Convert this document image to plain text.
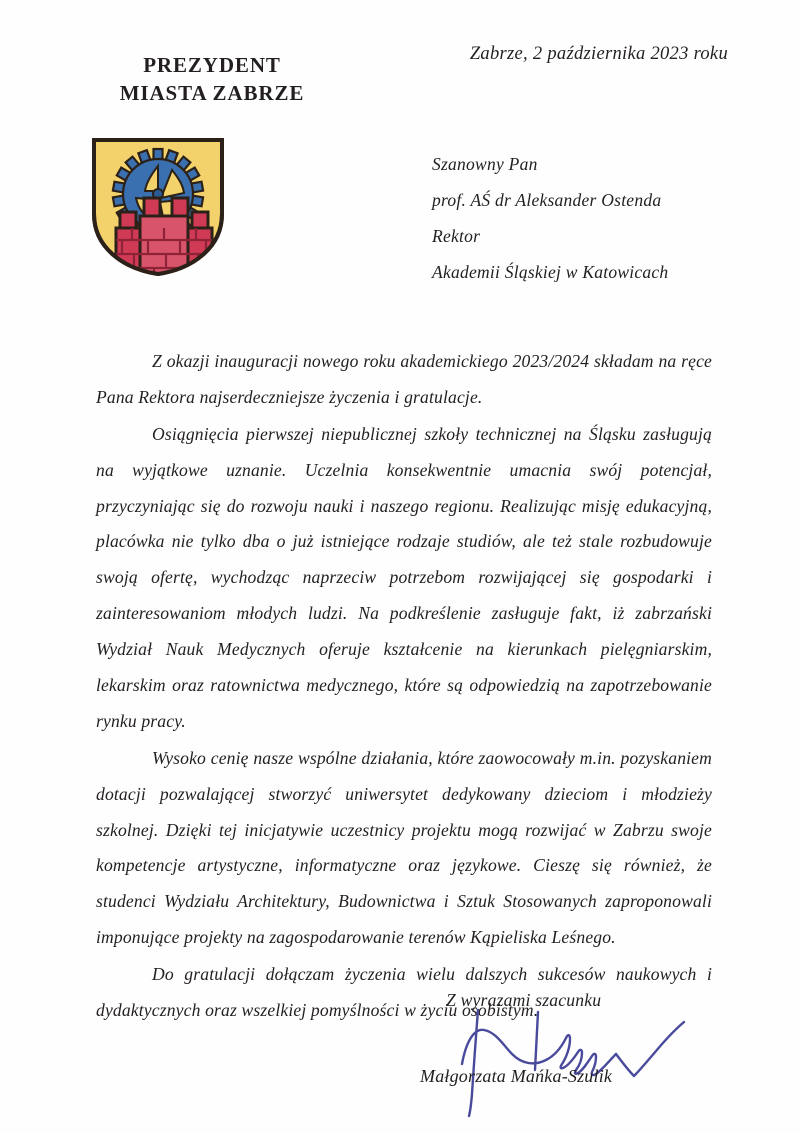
PREZYDENT
MIASTA ZABRZE
Zabrze, 2 października 2023 roku
Szanowny Pan
prof. AŚ dr Aleksander Ostenda
Rektor
Akademii Śląskiej w Katowicach

Z okazji inauguracji nowego roku akademickiego 2023/2024 składam na ręce Pana Rektora najserdeczniejsze życzenia i gratulacje.

Osiągnięcia pierwszej niepublicznej szkoły technicznej na Śląsku zasługują na wyjątkowe uznanie. Uczelnia konsekwentnie umacnia swój potencjał, przyczyniając się do rozwoju nauki i naszego regionu. Realizując misję edukacyjną, placówka nie tylko dba o już istniejące rodzaje studiów, ale też stale rozbudowuje swoją ofertę, wychodząc naprzeciw potrzebom rozwijającej się gospodarki i zainteresowaniom młodych ludzi. Na podkreślenie zasługuje fakt, iż zabrzański Wydział Nauk Medycznych oferuje kształcenie na kierunkach pielęgniarskim, lekarskim oraz ratownictwa medycznego, które są odpowiedzią na zapotrzebowanie rynku pracy.

Wysoko cenię nasze wspólne działania, które zaowocowały m.in. pozyskaniem dotacji pozwalającej stworzyć uniwersytet dedykowany dzieciom i młodzieży szkolnej. Dzięki tej inicjatywie uczestnicy projektu mogą rozwijać w Zabrzu swoje kompetencje artystyczne, informatyczne oraz językowe. Cieszę się również, że studenci Wydziału Architektury, Budownictwa i Sztuk Stosowanych zaproponowali imponujące projekty na zagospodarowanie terenów Kąpieliska Leśnego.

Do gratulacji dołączam życzenia wielu dalszych sukcesów naukowych i dydaktycznych oraz wszelkiej pomyślności w życiu osobistym.

Z wyrazami szacunku
Małgorzata Mańka-Szulik
